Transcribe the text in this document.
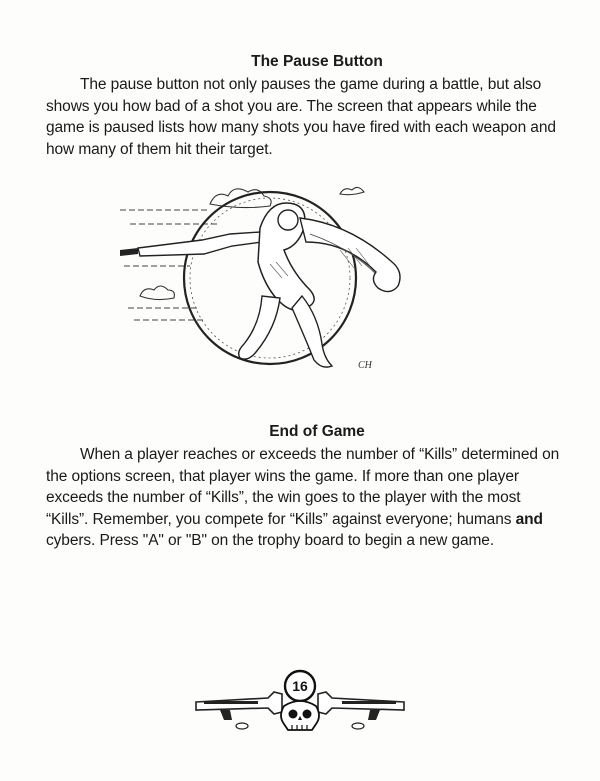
The Pause Button

The pause button not only pauses the game during a battle, but also shows you how bad of a shot you are. The screen that appears while the game is paused lists how many shots you have fired with each weapon and how many of them hit their target.

CH
End of Game

When a player reaches or exceeds the number of “Kills” determined on the options screen, that player wins the game. If more than one player exceeds the number of “Kills”, the win goes to the player with the most “Kills”. Remember, you compete for “Kills” against everyone; humans and cybers. Press "A" or "B" on the trophy board to begin a new game.

16
